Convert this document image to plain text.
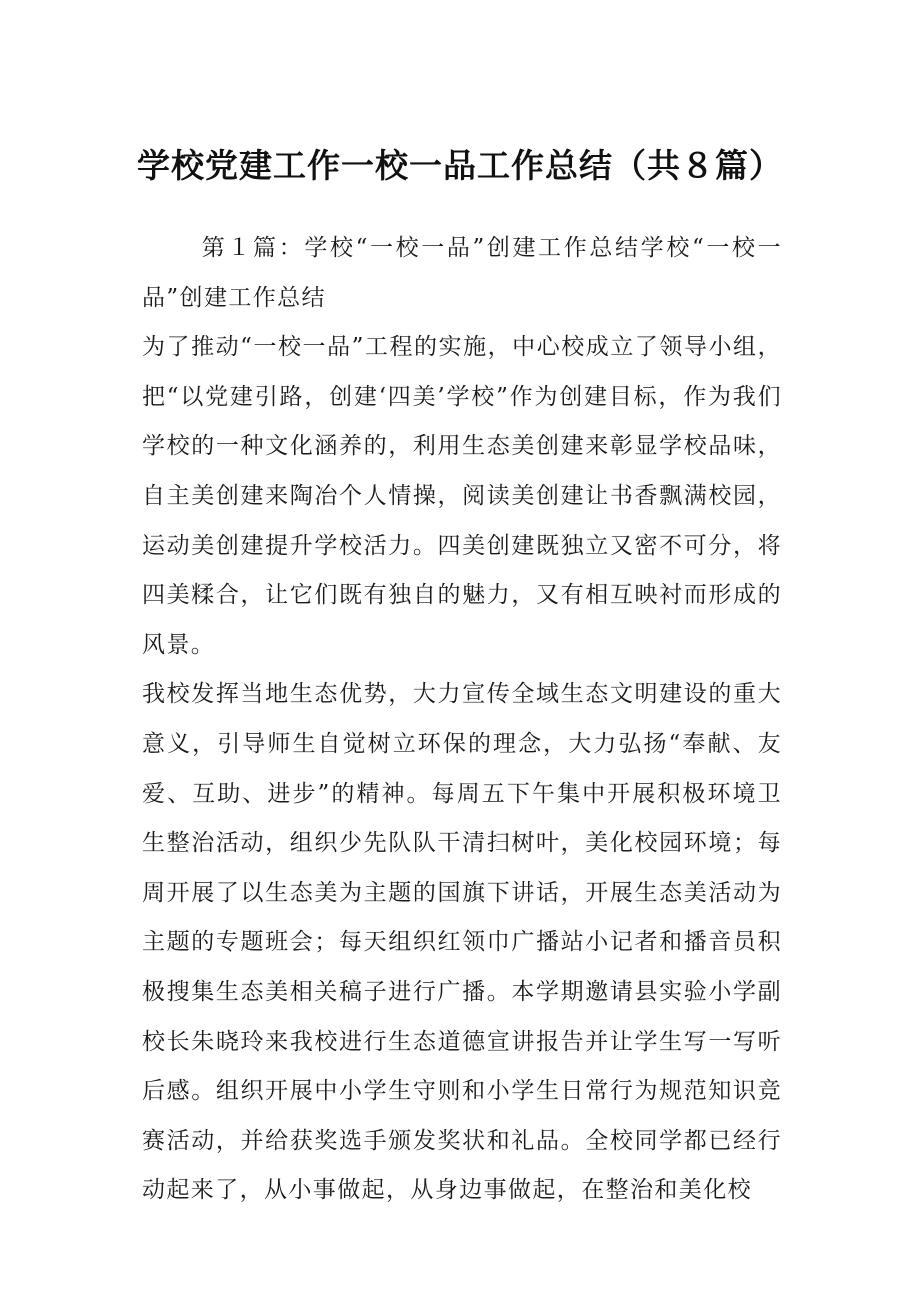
学校党建工作一校一品工作总结（共８篇）

第１篇：学校“一校一品”创建工作总结学校“一校一品”创建工作总结

为了推动“一校一品”工程的实施，中心校成立了领导小组，把“以党建引路，创建‘四美’学校”作为创建目标，作为我们学校的一种文化涵养的，利用生态美创建来彰显学校品味，自主美创建来陶冶个人情操，阅读美创建让书香飘满校园，运动美创建提升学校活力。四美创建既独立又密不可分，将四美糅合，让它们既有独自的魅力，又有相互映衬而形成的风景。

我校发挥当地生态优势，大力宣传全域生态文明建设的重大意义，引导师生自觉树立环保的理念，大力弘扬“奉献、友爱、互助、进步”的精神。每周五下午集中开展积极环境卫生整治活动，组织少先队队干清扫树叶，美化校园环境；每周开展了以生态美为主题的国旗下讲话，开展生态美活动为主题的专题班会；每天组织红领巾广播站小记者和播音员积极搜集生态美相关稿子进行广播。本学期邀请县实验小学副校长朱晓玲来我校进行生态道德宣讲报告并让学生写一写听后感。组织开展中小学生守则和小学生日常行为规范知识竞赛活动，并给获奖选手颁发奖状和礼品。全校同学都已经行动起来了，从小事做起，从身边事做起，在整治和美化校
